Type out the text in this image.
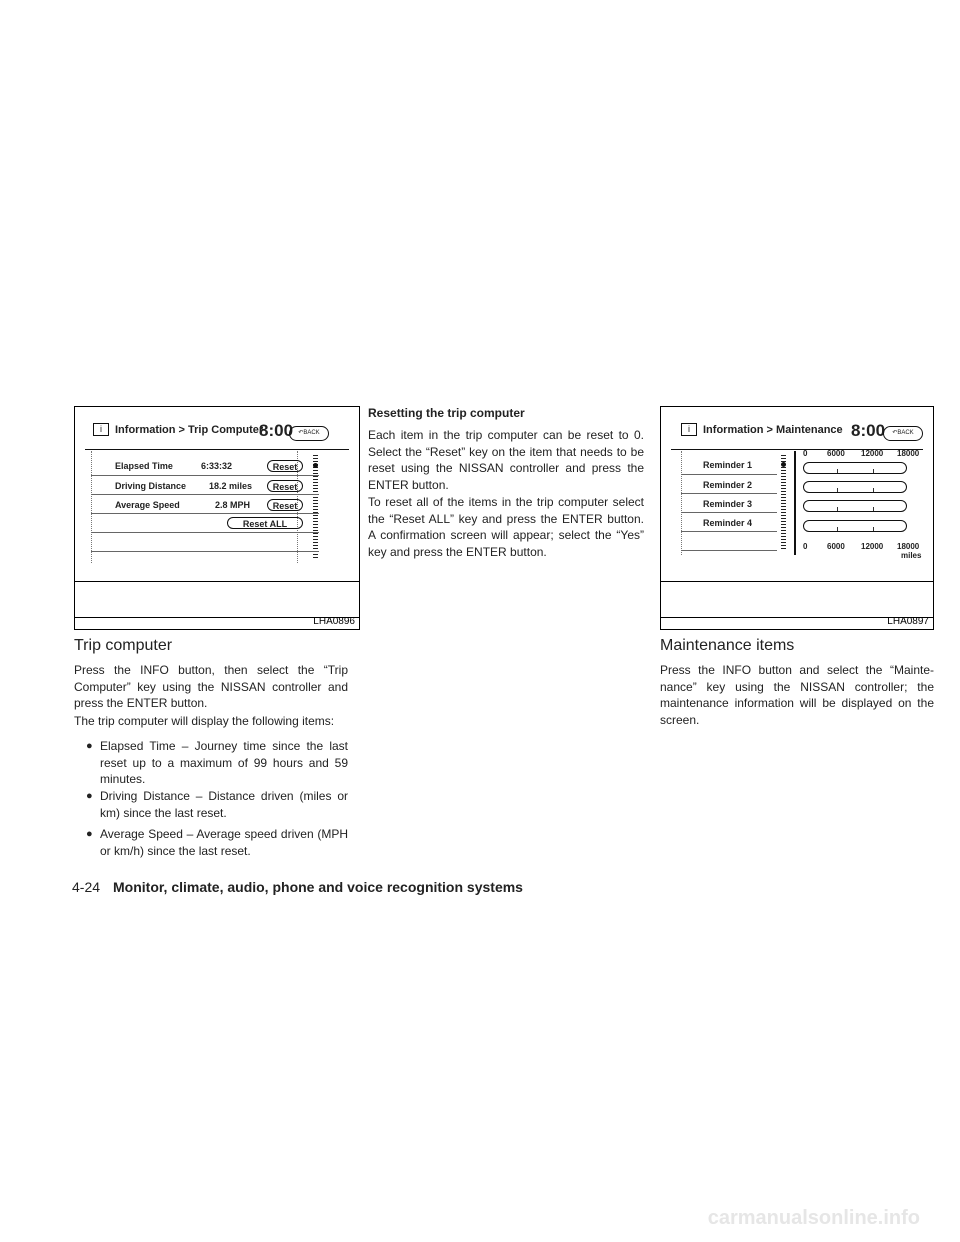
i	Information > Trip Computer
8:00 ↶BACK
Elapsed Time	6:33:32	Reset
Driving Distance	18.2 miles	Reset
Average Speed	2.8 MPH	Reset
Reset ALL
LHA0896
i	Information > Maintenance 8:00	↶BACK
Reminder 1
Reminder 2
Reminder 3
Reminder 4
0 6000 12000 18000
0 6000 12000 18000
miles
LHA0897
Trip computer

Press the INFO button, then select the “Trip Computer” key using the NISSAN controller and press the ENTER button.

The trip computer will display the following items:

● Elapsed Time – Journey time since the last reset up to a maximum of 99 hours and 59 minutes.
● Driving Distance – Distance driven (miles or km) since the last reset.
● Average Speed – Average speed driven (MPH or km/h) since the last reset.
Resetting the trip computer

Each item in the trip computer can be reset to 0. Select the “Reset” key on the item that needs to be reset using the NISSAN controller and press the ENTER button.

To reset all of the items in the trip computer select the “Reset ALL” key and press the ENTER button. A confirmation screen will appear; select the “Yes” key and press the ENTER button.

Maintenance items

Press the INFO button and select the “Mainte-nance” key using the NISSAN controller; the maintenance information will be displayed on the screen.

4-24 Monitor, climate, audio, phone and voice recognition systems
carmanualsonline.info
